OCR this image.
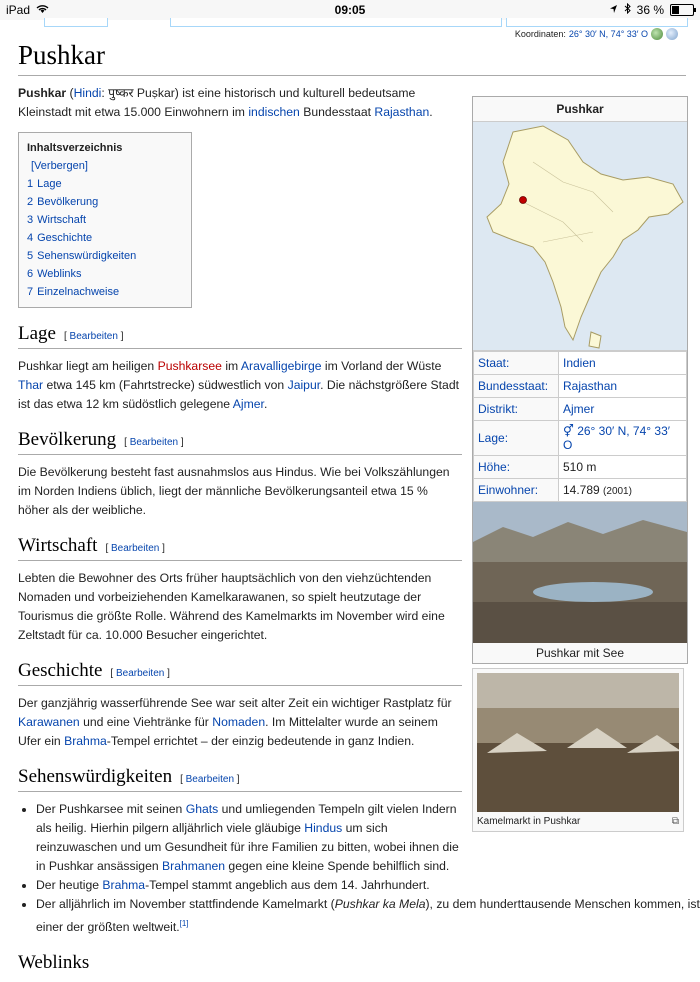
iPad	09:05	36 %
Koordinaten: 26° 30′ N, 74° 33′ O
Pushkar

Pushkar (Hindi: पुष्कर Puṣkar) ist eine historisch und kulturell bedeutsame Kleinstadt mit etwa 15.000 Einwohnern im indischen Bundesstaat Rajasthan.

Inhaltsverzeichnis [Verbergen]
1 Lage
2 Bevölkerung
3 Wirtschaft
4 Geschichte
5 Sehenswürdigkeiten
6 Weblinks
7 Einzelnachweise
Lage [ Bearbeiten ]

Pushkar liegt am heiligen Pushkarsee im Aravalligebirge im Vorland der Wüste Thar etwa 145 km (Fahrtstrecke) südwestlich von Jaipur. Die nächstgrößere Stadt ist das etwa 12 km südöstlich gelegene Ajmer.

Bevölkerung [ Bearbeiten ]

Die Bevölkerung besteht fast ausnahmslos aus Hindus. Wie bei Volkszählungen im Norden Indiens üblich, liegt der männliche Bevölkerungsanteil etwa 15 % höher als der weibliche.

Wirtschaft [ Bearbeiten ]

Lebten die Bewohner des Orts früher hauptsächlich von den viehzüchtenden Nomaden und vorbeiziehenden Kamelkarawanen, so spielt heutzutage der Tourismus die größte Rolle. Während des Kamelmarkts im November wird eine Zeltstadt für ca. 10.000 Besucher eingerichtet.

Geschichte [ Bearbeiten ]

Der ganzjährig wasserführende See war seit alter Zeit ein wichtiger Rastplatz für Karawanen und eine Viehtränke für Nomaden. Im Mittelalter wurde an seinem Ufer ein Brahma-Tempel errichtet – der einzig bedeutende in ganz Indien.

Sehenswürdigkeiten [ Bearbeiten ]
• Der Pushkarsee mit seinen Ghats und umliegenden Tempeln gilt vielen Indern als heilig. Hierhin pilgern alljährlich viele gläubige Hindus um sich reinzuwaschen und um Gesundheit für ihre Familien zu bitten, wobei ihnen die in Pushkar ansässigen Brahmanen gegen eine kleine Spende behilflich sind.
• Der heutige Brahma-Tempel stammt angeblich aus dem 14. Jahrhundert.
• Der alljährlich im November stattfindende Kamelmarkt (Pushkar ka Mela), zu dem hunderttausende Menschen kommen, ist einer der größten weltweit.[1]
Weblinks
Pushkar
Staat:	Indien
Bundesstaat:	Rajasthan
Distrikt:	Ajmer
Lage:	⚥ 26° 30′ N, 74° 33′ O
Höhe:	510 m
Einwohner:	14.789 (2001)
Pushkar mit See
Kamelmarkt in Pushkar	⧉
